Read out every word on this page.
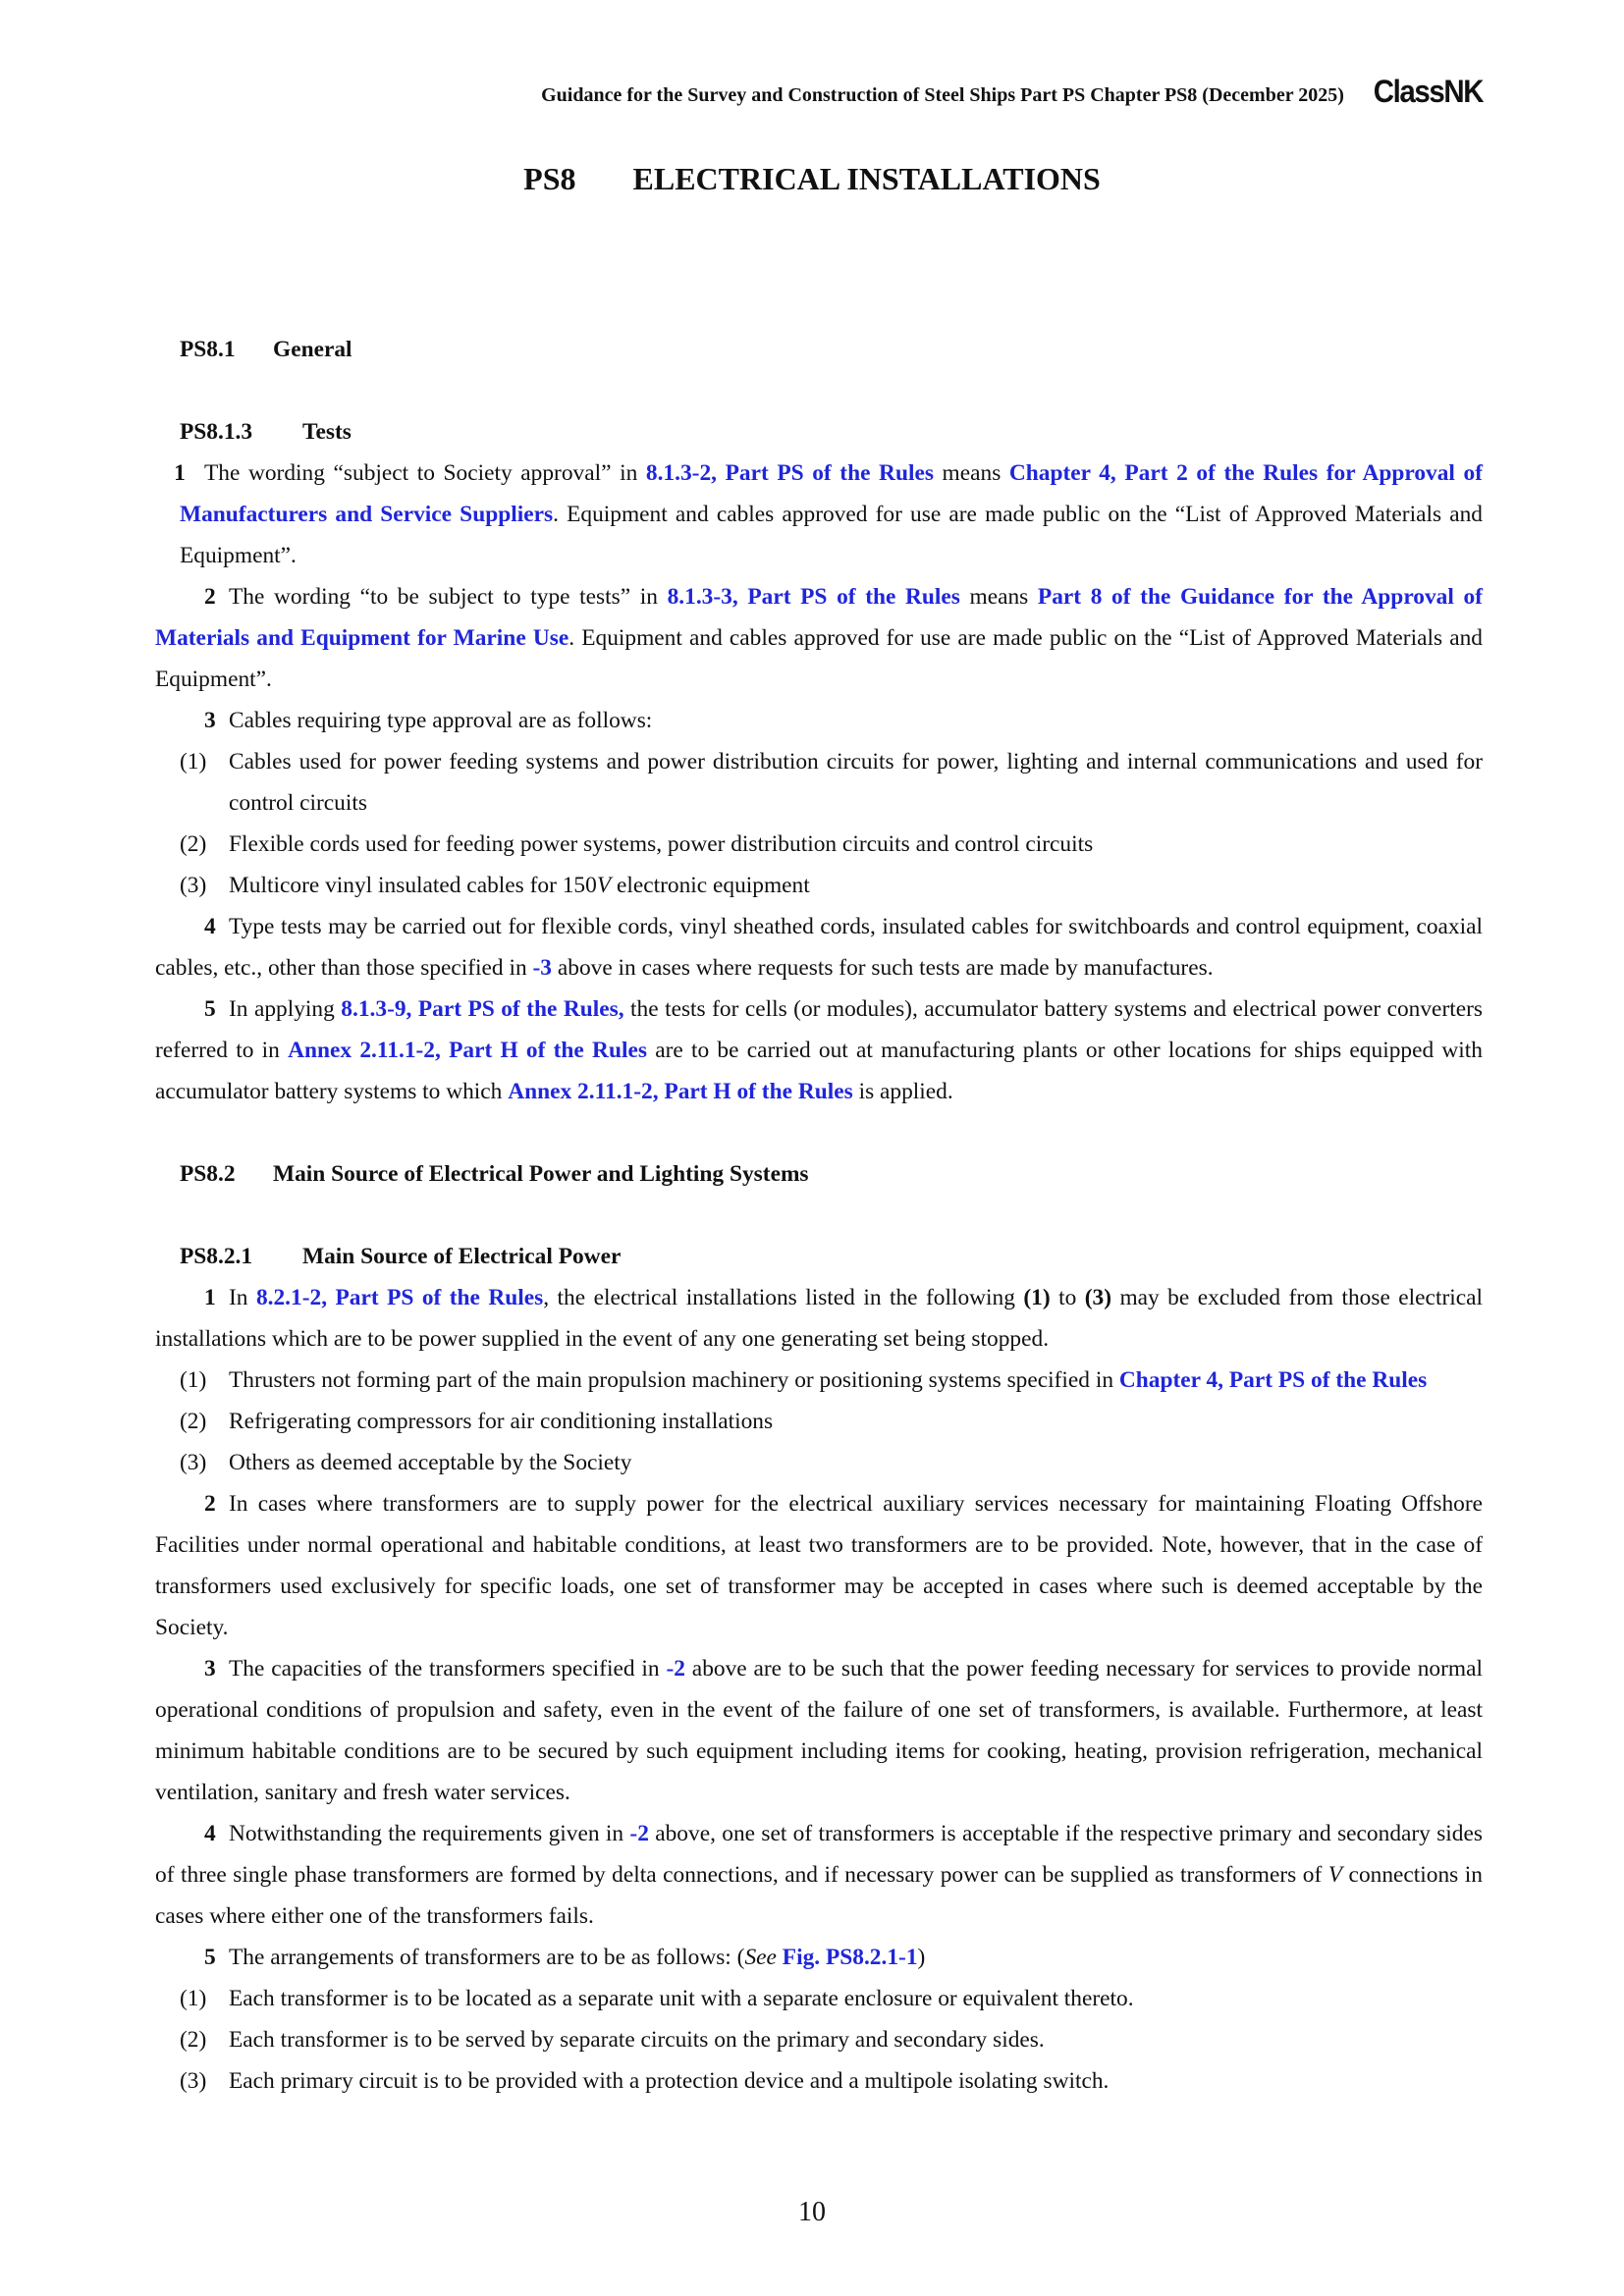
Guidance for the Survey and Construction of Steel Ships Part PS Chapter PS8 (December 2025) ClassNK
PS8 ELECTRICAL INSTALLATIONS
PS8.1 General
PS8.1.3 Tests
1 The wording “subject to Society approval” in 8.1.3-2, Part PS of the Rules means Chapter 4, Part 2 of the Rules for Approval of Manufacturers and Service Suppliers. Equipment and cables approved for use are made public on the “List of Approved Materials and Equipment”.
2 The wording “to be subject to type tests” in 8.1.3-3, Part PS of the Rules means Part 8 of the Guidance for the Approval of Materials and Equipment for Marine Use. Equipment and cables approved for use are made public on the “List of Approved Materials and Equipment”.
3 Cables requiring type approval are as follows:
(1) Cables used for power feeding systems and power distribution circuits for power, lighting and internal communications and used for control circuits
(2) Flexible cords used for feeding power systems, power distribution circuits and control circuits
(3) Multicore vinyl insulated cables for 150V electronic equipment
4 Type tests may be carried out for flexible cords, vinyl sheathed cords, insulated cables for switchboards and control equipment, coaxial cables, etc., other than those specified in -3 above in cases where requests for such tests are made by manufactures.
5 In applying 8.1.3-9, Part PS of the Rules, the tests for cells (or modules), accumulator battery systems and electrical power converters referred to in Annex 2.11.1-2, Part H of the Rules are to be carried out at manufacturing plants or other locations for ships equipped with accumulator battery systems to which Annex 2.11.1-2, Part H of the Rules is applied.
PS8.2 Main Source of Electrical Power and Lighting Systems
PS8.2.1 Main Source of Electrical Power
1 In 8.2.1-2, Part PS of the Rules, the electrical installations listed in the following (1) to (3) may be excluded from those electrical installations which are to be power supplied in the event of any one generating set being stopped.
(1) Thrusters not forming part of the main propulsion machinery or positioning systems specified in Chapter 4, Part PS of the Rules
(2) Refrigerating compressors for air conditioning installations
(3) Others as deemed acceptable by the Society
2 In cases where transformers are to supply power for the electrical auxiliary services necessary for maintaining Floating Offshore Facilities under normal operational and habitable conditions, at least two transformers are to be provided. Note, however, that in the case of transformers used exclusively for specific loads, one set of transformer may be accepted in cases where such is deemed acceptable by the Society.
3 The capacities of the transformers specified in -2 above are to be such that the power feeding necessary for services to provide normal operational conditions of propulsion and safety, even in the event of the failure of one set of transformers, is available. Furthermore, at least minimum habitable conditions are to be secured by such equipment including items for cooking, heating, provision refrigeration, mechanical ventilation, sanitary and fresh water services.
4 Notwithstanding the requirements given in -2 above, one set of transformers is acceptable if the respective primary and secondary sides of three single phase transformers are formed by delta connections, and if necessary power can be supplied as transformers of V connections in cases where either one of the transformers fails.
5 The arrangements of transformers are to be as follows: (See Fig. PS8.2.1-1)
(1) Each transformer is to be located as a separate unit with a separate enclosure or equivalent thereto.
(2) Each transformer is to be served by separate circuits on the primary and secondary sides.
(3) Each primary circuit is to be provided with a protection device and a multipole isolating switch.
10
